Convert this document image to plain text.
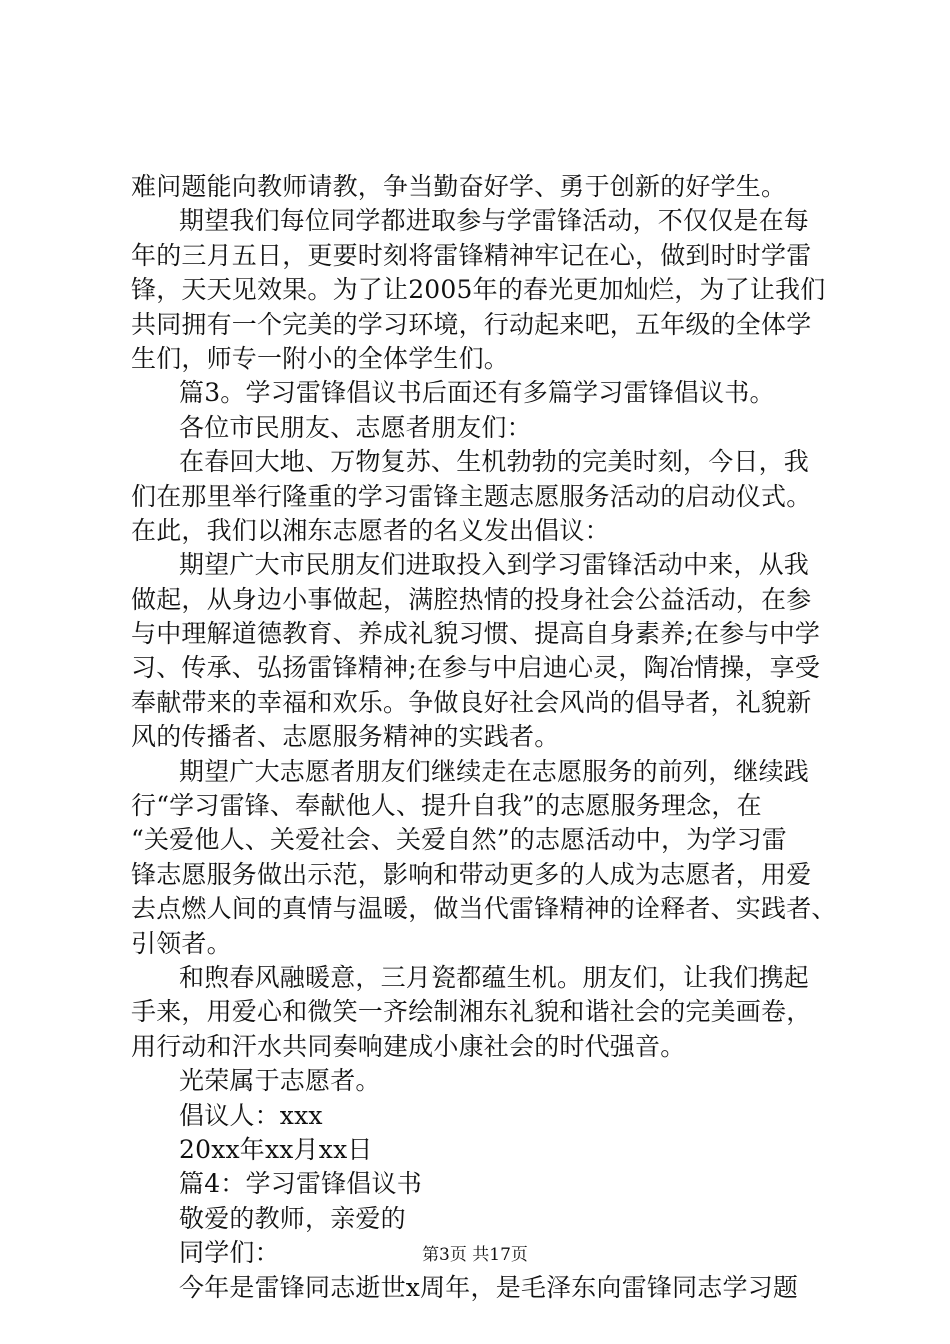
难问题能向教师请教，争当勤奋好学、勇于创新的好学生。
期望我们每位同学都进取参与学雷锋活动，不仅仅是在每
年的三月五日，更要时刻将雷锋精神牢记在心，做到时时学雷
锋，天天见效果。为了让2005年的春光更加灿烂，为了让我们
共同拥有一个完美的学习环境，行动起来吧，五年级的全体学
生们，师专一附小的全体学生们。
篇3。学习雷锋倡议书后面还有多篇学习雷锋倡议书。
各位市民朋友、志愿者朋友们：
在春回大地、万物复苏、生机勃勃的完美时刻，今日，我
们在那里举行隆重的学习雷锋主题志愿服务活动的启动仪式。
在此，我们以湘东志愿者的名义发出倡议：
期望广大市民朋友们进取投入到学习雷锋活动中来，从我
做起，从身边小事做起，满腔热情的投身社会公益活动，在参
与中理解道德教育、养成礼貌习惯、提高自身素养;在参与中学
习、传承、弘扬雷锋精神;在参与中启迪心灵，陶冶情操，享受
奉献带来的幸福和欢乐。争做良好社会风尚的倡导者，礼貌新
风的传播者、志愿服务精神的实践者。
期望广大志愿者朋友们继续走在志愿服务的前列，继续践
行“学习雷锋、奉献他人、提升自我”的志愿服务理念，在
“关爱他人、关爱社会、关爱自然”的志愿活动中，为学习雷
锋志愿服务做出示范，影响和带动更多的人成为志愿者，用爱
去点燃人间的真情与温暖，做当代雷锋精神的诠释者、实践者、
引领者。
和煦春风融暖意，三月瓷都蕴生机。朋友们，让我们携起
手来，用爱心和微笑一齐绘制湘东礼貌和谐社会的完美画卷，
用行动和汗水共同奏响建成小康社会的时代强音。
光荣属于志愿者。
倡议人：xxx
20xx年xx月xx日
篇4：学习雷锋倡议书
敬爱的教师，亲爱的
同学们：
今年是雷锋同志逝世x周年，是毛泽东向雷锋同志学习题
第3页 共17页
